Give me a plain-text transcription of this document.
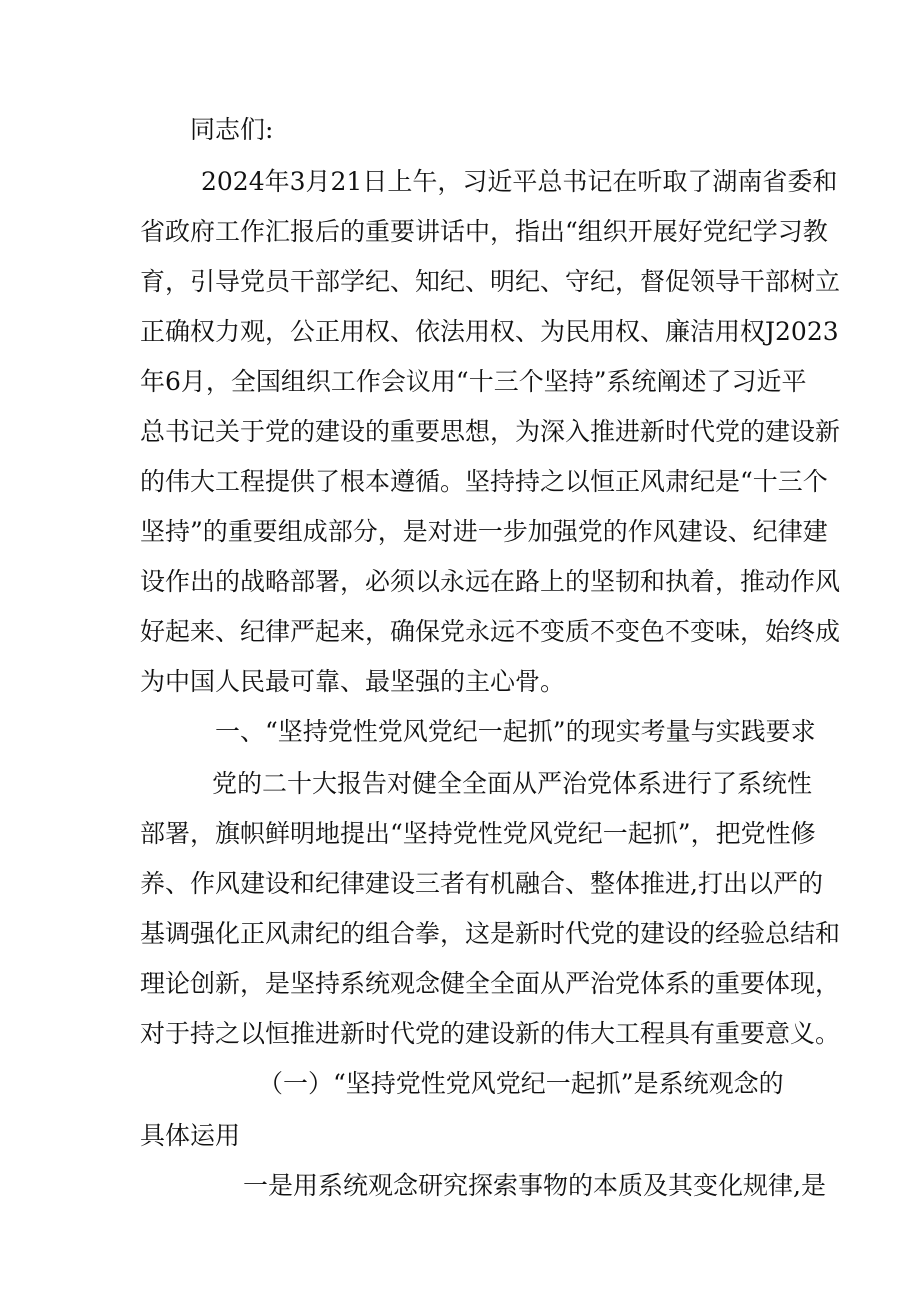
同志们:
2024年3月21日上午，习近平总书记在听取了湖南省委和
省政府工作汇报后的重要讲话中，指出“组织开展好党纪学习教
育，引导党员干部学纪、知纪、明纪、守纪，督促领导干部树立
正确权力观，公正用权、依法用权、为民用权、廉洁用权J2023
年6月，全国组织工作会议用“十三个坚持”系统阐述了习近平
总书记关于党的建设的重要思想，为深入推进新时代党的建设新
的伟大工程提供了根本遵循。坚持持之以恒正风肃纪是“十三个
坚持”的重要组成部分，是对进一步加强党的作风建设、纪律建
设作出的战略部署，必须以永远在路上的坚韧和执着，推动作风
好起来、纪律严起来，确保党永远不变质不变色不变味，始终成
为中国人民最可靠、最坚强的主心骨。
一、“坚持党性党风党纪一起抓”的现实考量与实践要求
党的二十大报告对健全全面从严治党体系进行了系统性
部署，旗帜鲜明地提出“坚持党性党风党纪一起抓”，把党性修
养、作风建设和纪律建设三者有机融合、整体推进,打出以严的
基调强化正风肃纪的组合拳，这是新时代党的建设的经验总结和
理论创新，是坚持系统观念健全全面从严治党体系的重要体现，
对于持之以恒推进新时代党的建设新的伟大工程具有重要意义。
（一）“坚持党性党风党纪一起抓”是系统观念的
具体运用
一是用系统观念研究探索事物的本质及其变化规律,是
